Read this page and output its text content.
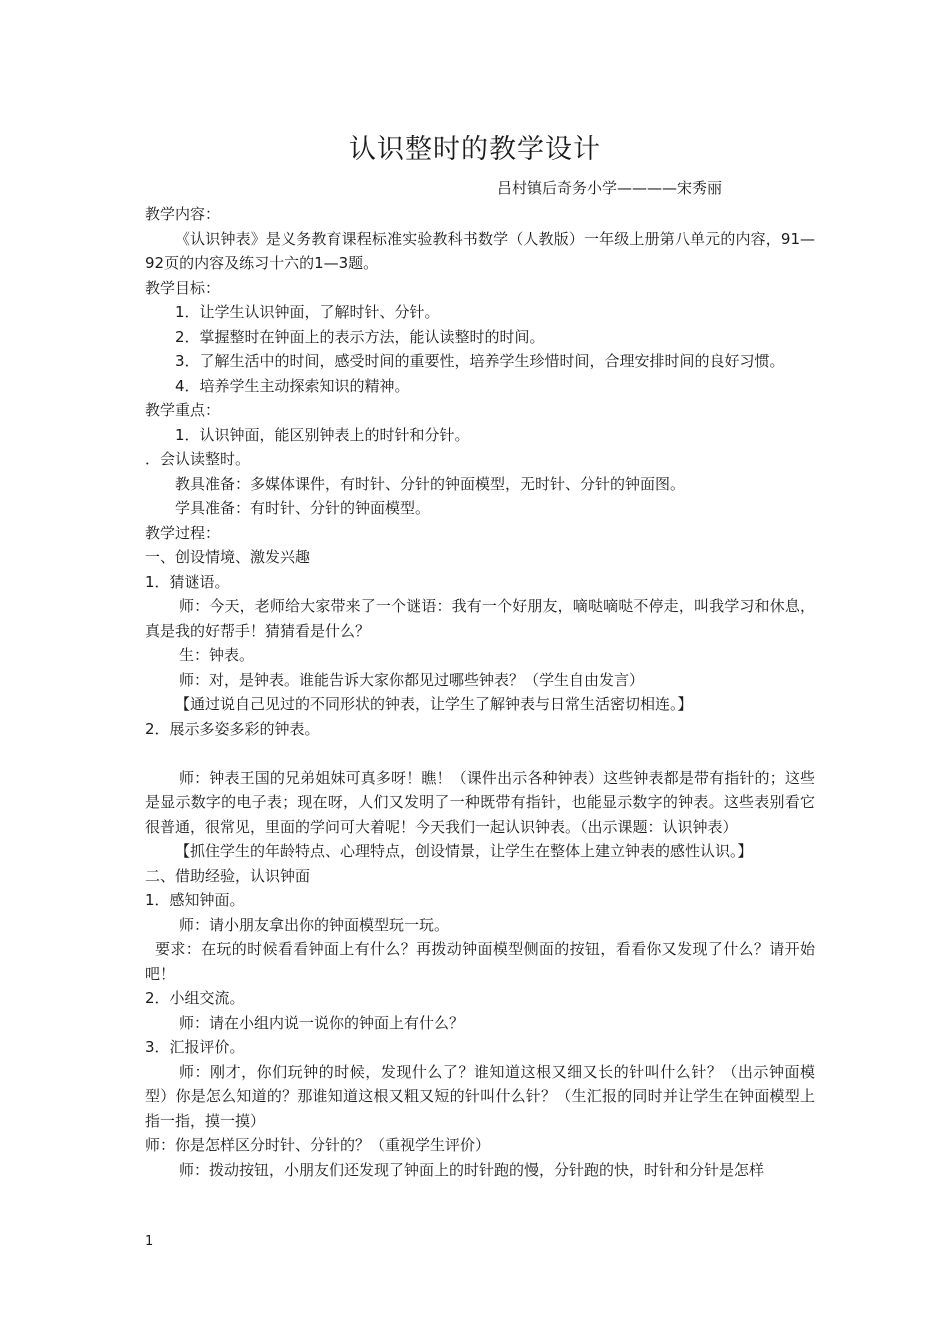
认识整时的教学设计
吕村镇后奇务小学————宋秀丽

教学内容：

《认识钟表》是义务教育课程标准实验教科书数学（人教版）一年级上册第八单元的内容，91—92页的内容及练习十六的1—3题。

教学目标：

1．让学生认识钟面，了解时针、分针。

2．掌握整时在钟面上的表示方法，能认读整时的时间。

3．了解生活中的时间，感受时间的重要性，培养学生珍惜时间，合理安排时间的良好习惯。

4．培养学生主动探索知识的精神。

教学重点：

1．认识钟面，能区别钟表上的时针和分针。

．会认读整时。

教具准备：多媒体课件，有时针、分针的钟面模型，无时针、分针的钟面图。

学具准备：有时针、分针的钟面模型。

教学过程：

一、创设情境、激发兴趣

1．猜谜语。

师：今天，老师给大家带来了一个谜语：我有一个好朋友，嘀哒嘀哒不停走，叫我学习和休息，真是我的好帮手！猜猜看是什么？

生：钟表。

师：对，是钟表。谁能告诉大家你都见过哪些钟表？（学生自由发言）

【通过说自己见过的不同形状的钟表，让学生了解钟表与日常生活密切相连。】

2．展示多姿多彩的钟表。

师：钟表王国的兄弟姐妹可真多呀！瞧！（课件出示各种钟表）这些钟表都是带有指针的；这些是显示数字的电子表；现在呀，人们又发明了一种既带有指针，也能显示数字的钟表。这些表别看它很普通，很常见，里面的学问可大着呢！今天我们一起认识钟表。（出示课题：认识钟表）

【抓住学生的年龄特点、心理特点，创设情景，让学生在整体上建立钟表的感性认识。】

二、借助经验，认识钟面

1．感知钟面。

师：请小朋友拿出你的钟面模型玩一玩。

要求：在玩的时候看看钟面上有什么？再拨动钟面模型侧面的按钮，看看你又发现了什么？请开始吧！

2．小组交流。

师：请在小组内说一说你的钟面上有什么？

3．汇报评价。

师：刚才，你们玩钟的时候，发现什么了？谁知道这根又细又长的针叫什么针？（出示钟面模型）你是怎么知道的？那谁知道这根又粗又短的针叫什么针？（生汇报的同时并让学生在钟面模型上指一指，摸一摸）

师：你是怎样区分时针、分针的？（重视学生评价）

师：拨动按钮，小朋友们还发现了钟面上的时针跑的慢，分针跑的快，时针和分针是怎样

1
